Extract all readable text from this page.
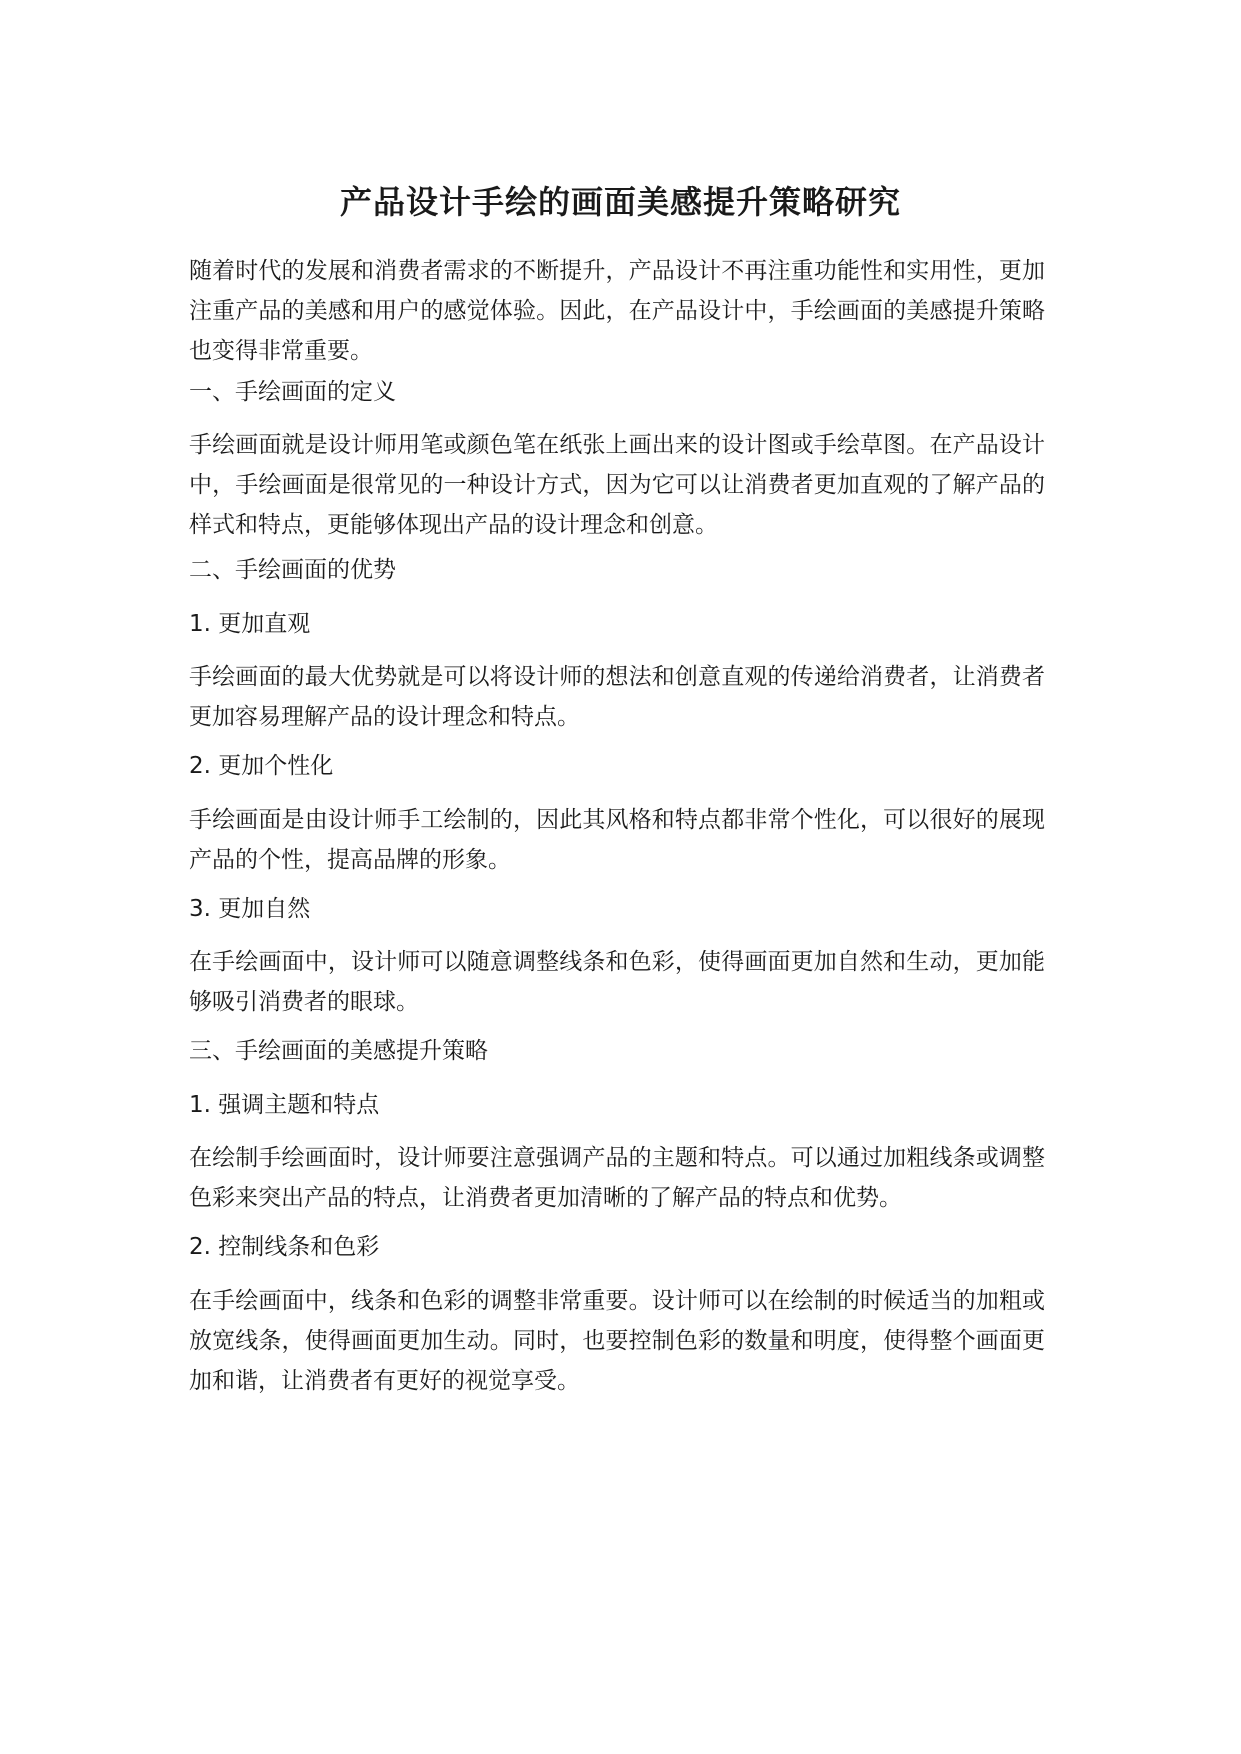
产品设计手绘的画面美感提升策略研究

随着时代的发展和消费者需求的不断提升，产品设计不再注重功能性和实用性，更加注重产品的美感和用户的感觉体验。因此，在产品设计中，手绘画面的美感提升策略也变得非常重要。

一、手绘画面的定义

手绘画面就是设计师用笔或颜色笔在纸张上画出来的设计图或手绘草图。在产品设计中，手绘画面是很常见的一种设计方式，因为它可以让消费者更加直观的了解产品的样式和特点，更能够体现出产品的设计理念和创意。

二、手绘画面的优势

1. 更加直观

手绘画面的最大优势就是可以将设计师的想法和创意直观的传递给消费者，让消费者更加容易理解产品的设计理念和特点。

2. 更加个性化

手绘画面是由设计师手工绘制的，因此其风格和特点都非常个性化，可以很好的展现产品的个性，提高品牌的形象。

3. 更加自然

在手绘画面中，设计师可以随意调整线条和色彩，使得画面更加自然和生动，更加能够吸引消费者的眼球。

三、手绘画面的美感提升策略

1. 强调主题和特点

在绘制手绘画面时，设计师要注意强调产品的主题和特点。可以通过加粗线条或调整色彩来突出产品的特点，让消费者更加清晰的了解产品的特点和优势。

2. 控制线条和色彩

在手绘画面中，线条和色彩的调整非常重要。设计师可以在绘制的时候适当的加粗或放宽线条，使得画面更加生动。同时，也要控制色彩的数量和明度，使得整个画面更加和谐，让消费者有更好的视觉享受。
